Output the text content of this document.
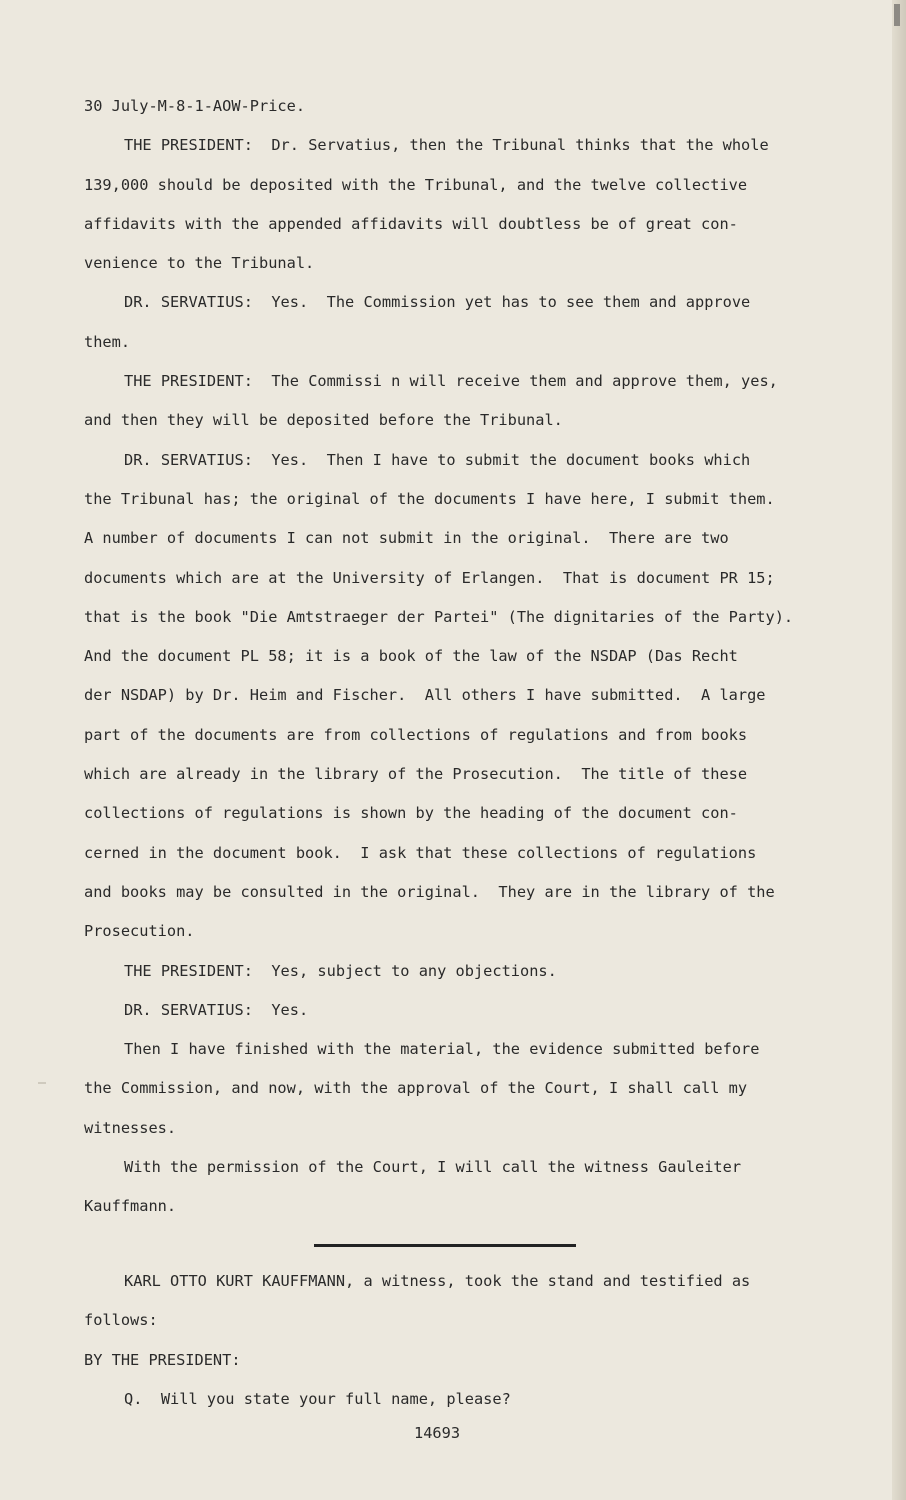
30 July-M-8-1-AOW-Price.

THE PRESIDENT:  Dr. Servatius, then the Tribunal thinks that the whole

139,000 should be deposited with the Tribunal, and the twelve collective

affidavits with the appended affidavits will doubtless be of great con-

venience to the Tribunal.

DR. SERVATIUS:  Yes.  The Commission yet has to see them and approve

them.

THE PRESIDENT:  The Commissi n will receive them and approve them, yes,

and then they will be deposited before the Tribunal.

DR. SERVATIUS:  Yes.  Then I have to submit the document books which

the Tribunal has; the original of the documents I have here, I submit them.

A number of documents I can not submit in the original.  There are two

documents which are at the University of Erlangen.  That is document PR 15;

that is the book "Die Amtstraeger der Partei" (The dignitaries of the Party).

And the document PL 58; it is a book of the law of the NSDAP (Das Recht

der NSDAP) by Dr. Heim and Fischer.  All others I have submitted.  A large

part of the documents are from collections of regulations and from books

which are already in the library of the Prosecution.  The title of these

collections of regulations is shown by the heading of the document con-

cerned in the document book.  I ask that these collections of regulations

and books may be consulted in the original.  They are in the library of the

Prosecution.

THE PRESIDENT:  Yes, subject to any objections.

DR. SERVATIUS:  Yes.

Then I have finished with the material, the evidence submitted before

the Commission, and now, with the approval of the Court, I shall call my

witnesses.

With the permission of the Court, I will call the witness Gauleiter

Kauffmann.

KARL OTTO KURT KAUFFMANN, a witness, took the stand and testified as

follows:

BY THE PRESIDENT:

Q.  Will you state your full name, please?

14693
